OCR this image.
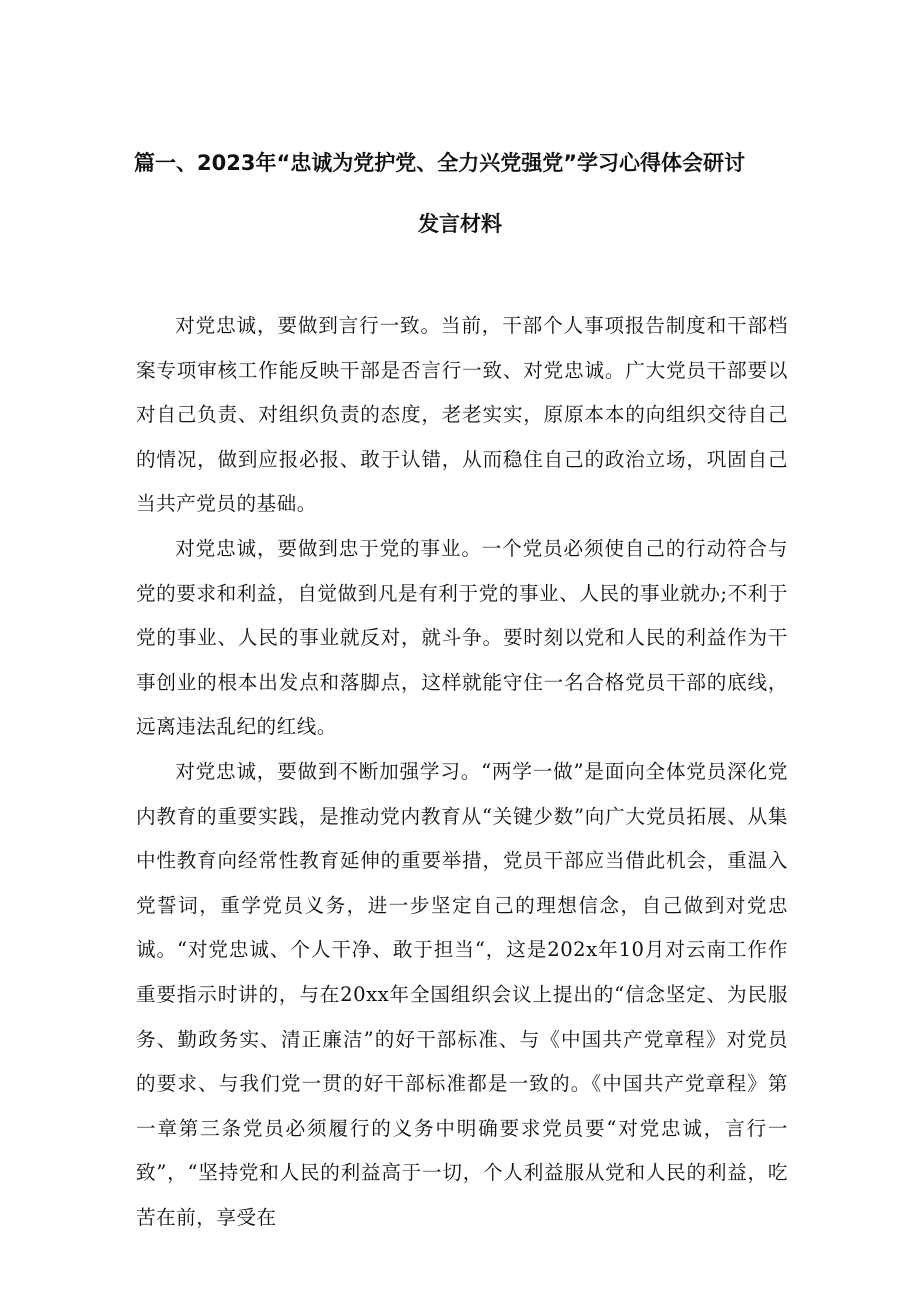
篇一、2023年“忠诚为党护党、全力兴党强党”学习心得体会研讨
发言材料

对党忠诚，要做到言行一致。当前，干部个人事项报告制度和干部档案专项审核工作能反映干部是否言行一致、对党忠诚。广大党员干部要以对自己负责、对组织负责的态度，老老实实，原原本本的向组织交待自己的情况，做到应报必报、敢于认错，从而稳住自己的政治立场，巩固自己当共产党员的基础。

对党忠诚，要做到忠于党的事业。一个党员必须使自己的行动符合与党的要求和利益，自觉做到凡是有利于党的事业、人民的事业就办;不利于党的事业、人民的事业就反对，就斗争。要时刻以党和人民的利益作为干事创业的根本出发点和落脚点，这样就能守住一名合格党员干部的底线，远离违法乱纪的红线。

对党忠诚，要做到不断加强学习。“两学一做”是面向全体党员深化党内教育的重要实践，是推动党内教育从“关键少数”向广大党员拓展、从集中性教育向经常性教育延伸的重要举措，党员干部应当借此机会，重温入党誓词，重学党员义务，进一步坚定自己的理想信念，自己做到对党忠诚。“对党忠诚、个人干净、敢于担当“，这是202x年10月对云南工作作重要指示时讲的，与在20xx年全国组织会议上提出的“信念坚定、为民服务、勤政务实、清正廉洁”的好干部标准、与《中国共产党章程》对党员的要求、与我们党一贯的好干部标准都是一致的。《中国共产党章程》第一章第三条党员必须履行的义务中明确要求党员要“对党忠诚，言行一致”，“坚持党和人民的利益高于一切，个人利益服从党和人民的利益，吃苦在前，享受在
